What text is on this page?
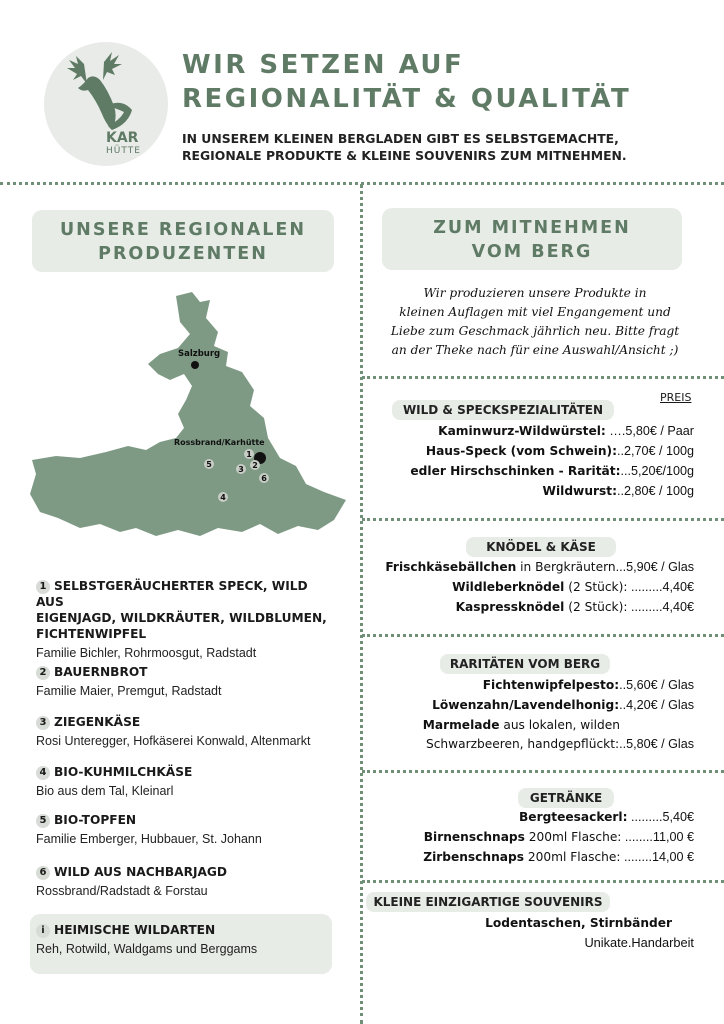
KAR
HÜTTE
WIR SETZEN AUF
REGIONALITÄT & QUALITÄT
IN UNSEREM KLEINEN BERGLADEN GIBT ES SELBSTGEMACHTE,
REGIONALE PRODUKTE & KLEINE SOUVENIRS ZUM MITNEHMEN.
UNSERE REGIONALEN
PRODUZENTEN
Salzburg
Rossbrand/Karhütte
1
2
3
4
5
6
1 SELBSTGERÄUCHERTER SPECK, WILD AUS
EIGENJAGD, WILDKRÄUTER, WILDBLUMEN,
FICHTENWIPFEL
Familie Bichler, Rohrmoosgut, Radstadt
2 BAUERNBROT
Familie Maier, Premgut, Radstadt
3 ZIEGENKÄSE
Rosi Unteregger, Hofkäserei Konwald, Altenmarkt
4 BIO-KUHMILCHKÄSE
Bio aus dem Tal, Kleinarl
5 BIO-TOPFEN
Familie Emberger, Hubbauer, St. Johann
6 WILD AUS NACHBARJAGD
Rossbrand/Radstadt & Forstau
i HEIMISCHE WILDARTEN
Reh, Rotwild, Waldgams und Berggams
ZUM MITNEHMEN
VOM BERG
Wir produzieren unsere Produkte in
kleinen Auflagen mit viel Engangement und
Liebe zum Geschmack jährlich neu. Bitte fragt
an der Theke nach für eine Auswahl/Ansicht ;)
PREIS
WILD & SPECKSPEZIALITÄTEN
Kaminwurz-Wildwürstel: ….5,80€ / Paar
Haus-Speck (vom Schwein):..2,70€ / 100g
edler Hirschschinken - Rarität:...5,20€/100g
Wildwurst:..2,80€ / 100g
KNÖDEL & KÄSE
Frischkäsebällchen in Bergkräutern...5,90€ / Glas
Wildleberknödel (2 Stück): .........4,40€
Kaspressknödel (2 Stück): .........4,40€
RARITÄTEN VOM BERG
Fichtenwipfelpesto:..5,60€ / Glas
Löwenzahn/Lavendelhonig:..4,20€ / Glas
Marmelade aus lokalen, wilden
Schwarzbeeren, handgepflückt:..5,80€ / Glas
GETRÄNKE
Bergteesackerl: .........5,40€
Birnenschnaps 200ml Flasche: ........11,00 €
Zirbenschnaps 200ml Flasche: ........14,00 €
KLEINE EINZIGARTIGE SOUVENIRS
Lodentaschen, Stirnbänder
Unikate.Handarbeit
